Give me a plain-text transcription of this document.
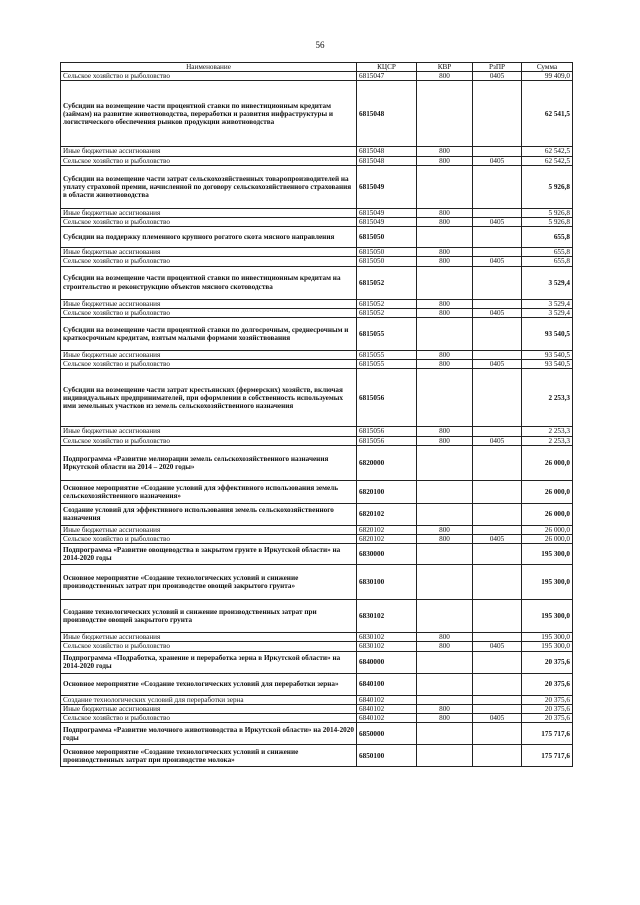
56
Наименование	КЦСР	КВР	РзПР	Сумма
Сельское хозяйство и рыболовство	6815047	800	0405	99 409,0
Субсидии на возмещение части процентной ставки по инвестиционным кредитам (займам) на развитие животноводства, переработки и развития инфраструктуры и логистического обеспечения рынков продукции животноводства	6815048			62 541,5
Иные бюджетные ассигнования	6815048	800		62 542,5
Сельское хозяйство и рыболовство	6815048	800	0405	62 542,5
Субсидии на возмещение части затрат сельскохозяйственных товаропроизводителей на уплату страховой премии, начисленной по договору сельскохозяйственного страхования в области животноводства	6815049			5 926,8
Иные бюджетные ассигнования	6815049	800		5 926,8
Сельское хозяйство и рыболовство	6815049	800	0405	5 926,8
Субсидии на поддержку племенного крупного рогатого скота мясного направления	6815050			655,8
Иные бюджетные ассигнования	6815050	800		655,8
Сельское хозяйство и рыболовство	6815050	800	0405	655,8
Субсидии на возмещение части процентной ставки по инвестиционным кредитам на строительство и реконструкцию объектов мясного скотоводства	6815052			3 529,4
Иные бюджетные ассигнования	6815052	800		3 529,4
Сельское хозяйство и рыболовство	6815052	800	0405	3 529,4
Субсидии на возмещение части процентной ставки по долгосрочным, среднесрочным и краткосрочным кредитам, взятым малыми формами хозяйствования	6815055			93 540,5
Иные бюджетные ассигнования	6815055	800		93 540,5
Сельское хозяйство и рыболовство	6815055	800	0405	93 540,5
Субсидии на возмещение части затрат крестьянских (фермерских) хозяйств, включая индивидуальных предпринимателей, при оформлении в собственность используемых ими земельных участков из земель сельскохозяйственного назначения	6815056			2 253,3
Иные бюджетные ассигнования	6815056	800		2 253,3
Сельское хозяйство и рыболовство	6815056	800	0405	2 253,3
Подпрограмма «Развитие мелиорации земель сельскохозяйственного назначения Иркутской области на 2014 – 2020 годы»	6820000			26 000,0
Основное мероприятие «Создание условий для эффективного использования земель сельскохозяйственного назначения»	6820100			26 000,0
Создание условий для эффективного использования земель сельскохозяйственного назначения	6820102			26 000,0
Иные бюджетные ассигнования	6820102	800		26 000,0
Сельское хозяйство и рыболовство	6820102	800	0405	26 000,0
Подпрограмма «Развитие овощеводства в закрытом грунте в Иркутской области» на 2014-2020 годы	6830000			195 300,0
Основное мероприятие «Создание технологических условий и снижение производственных затрат при производстве овощей закрытого грунта»	6830100			195 300,0
Создание технологических условий и снижение производственных затрат при производстве овощей закрытого грунта	6830102			195 300,0
Иные бюджетные ассигнования	6830102	800		195 300,0
Сельское хозяйство и рыболовство	6830102	800	0405	195 300,0
Подпрограмма «Подработка, хранение и переработка зерна в Иркутской области» на 2014-2020 годы	6840000			20 375,6
Основное мероприятие «Создание технологических условий для переработки зерна»	6840100			20 375,6
Создание технологических условий для переработки зерна	6840102			20 375,6
Иные бюджетные ассигнования	6840102	800		20 375,6
Сельское хозяйство и рыболовство	6840102	800	0405	20 375,6
Подпрограмма «Развитие молочного животноводства в Иркутской области» на 2014-2020 годы	6850000			175 717,6
Основное мероприятие «Создание технологических условий и снижение производственных затрат при производстве молока»	6850100			175 717,6
